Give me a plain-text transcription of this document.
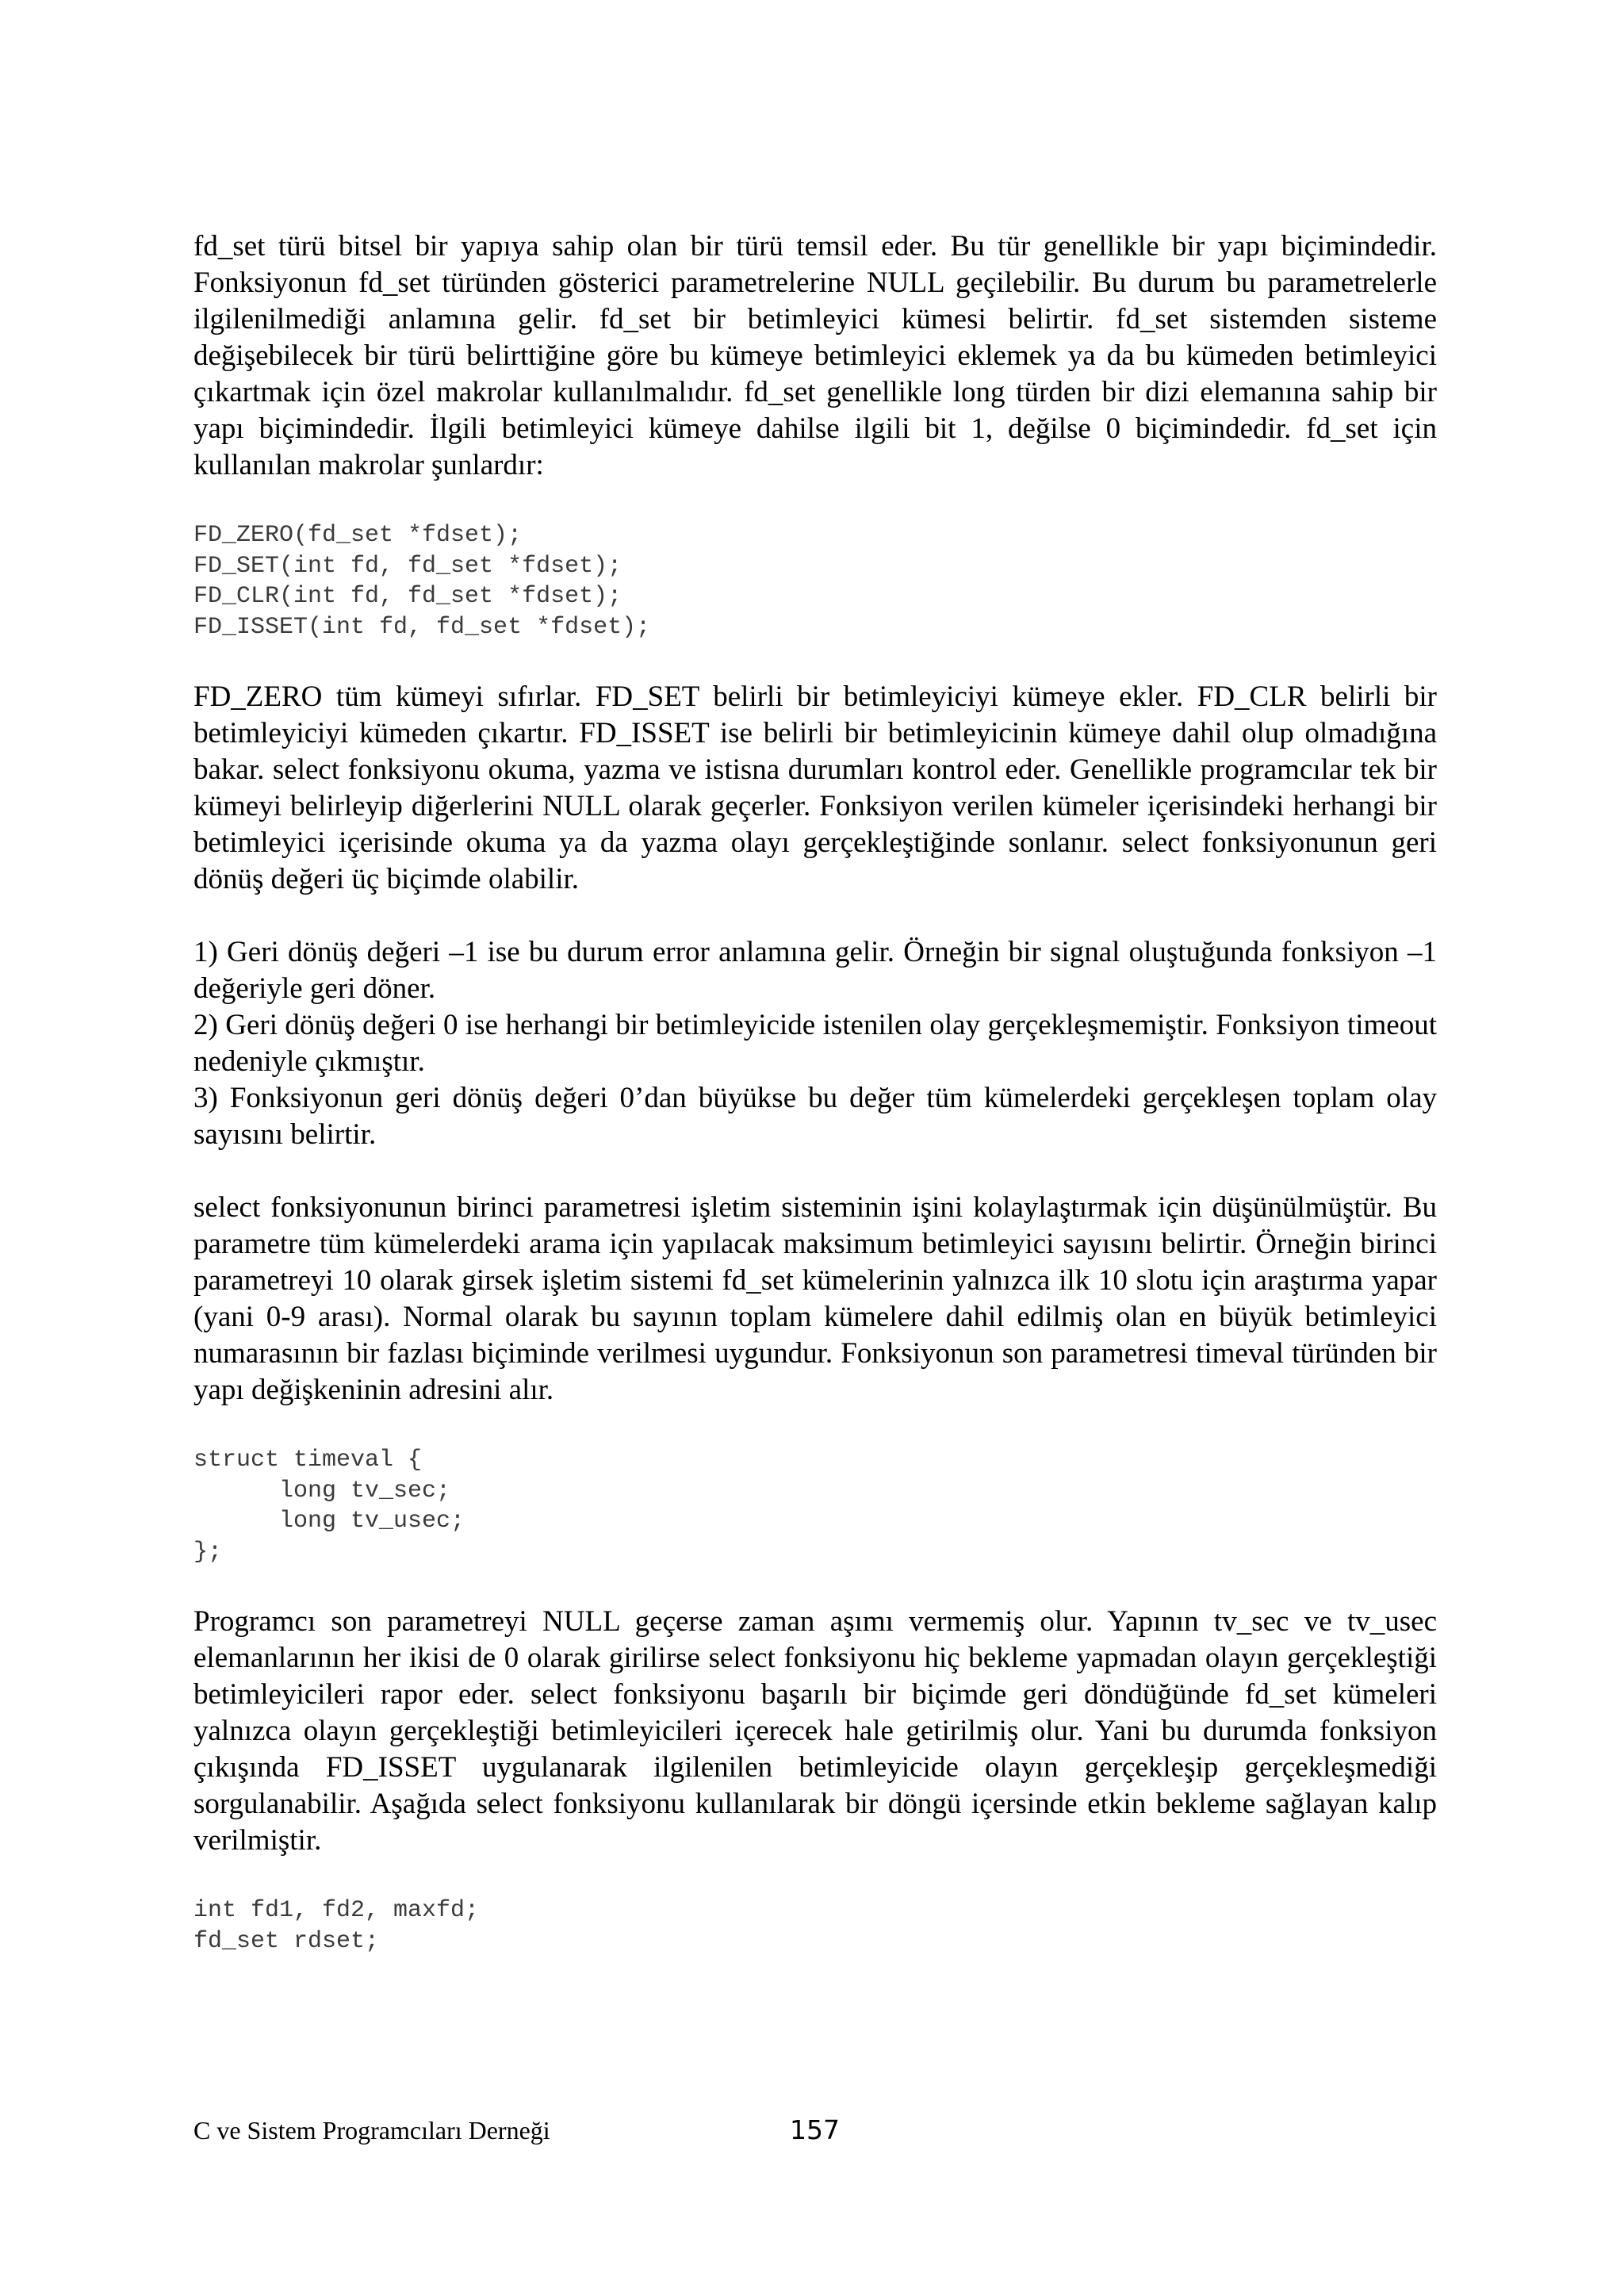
fd_set türü bitsel bir yapıya sahip olan bir türü temsil eder. Bu tür genellikle bir yapı biçimindedir. Fonksiyonun fd_set türünden gösterici parametrelerine NULL geçilebilir. Bu durum bu parametrelerle ilgilenilmediği anlamına gelir. fd_set bir betimleyici kümesi belirtir. fd_set sistemden sisteme değişebilecek bir türü belirttiğine göre bu kümeye betimleyici eklemek ya da bu kümeden betimleyici çıkartmak için özel makrolar kullanılmalıdır. fd_set genellikle long türden bir dizi elemanına sahip bir yapı biçimindedir. İlgili betimleyici kümeye dahilse ilgili bit 1, değilse 0 biçimindedir. fd_set için kullanılan makrolar şunlardır:

FD_ZERO(fd_set *fdset);
FD_SET(int fd, fd_set *fdset);
FD_CLR(int fd, fd_set *fdset);
FD_ISSET(int fd, fd_set *fdset);

FD_ZERO tüm kümeyi sıfırlar. FD_SET belirli bir betimleyiciyi kümeye ekler. FD_CLR belirli bir betimleyiciyi kümeden çıkartır. FD_ISSET ise belirli bir betimleyicinin kümeye dahil olup olmadığına bakar. select fonksiyonu okuma, yazma ve istisna durumları kontrol eder. Genellikle programcılar tek bir kümeyi belirleyip diğerlerini NULL olarak geçerler. Fonksiyon verilen kümeler içerisindeki herhangi bir betimleyici içerisinde okuma ya da yazma olayı gerçekleştiğinde sonlanır. select fonksiyonunun geri dönüş değeri üç biçimde olabilir.

1) Geri dönüş değeri –1 ise bu durum error anlamına gelir. Örneğin bir signal oluştuğunda fonksiyon –1 değeriyle geri döner.

2) Geri dönüş değeri 0 ise herhangi bir betimleyicide istenilen olay gerçekleşmemiştir. Fonksiyon timeout nedeniyle çıkmıştır.

3) Fonksiyonun geri dönüş değeri 0’dan büyükse bu değer tüm kümelerdeki gerçekleşen toplam olay sayısını belirtir.

select fonksiyonunun birinci parametresi işletim sisteminin işini kolaylaştırmak için düşünülmüştür. Bu parametre tüm kümelerdeki arama için yapılacak maksimum betimleyici sayısını belirtir. Örneğin birinci parametreyi 10 olarak girsek işletim sistemi fd_set kümelerinin yalnızca ilk 10 slotu için araştırma yapar (yani 0-9 arası). Normal olarak bu sayının toplam kümelere dahil edilmiş olan en büyük betimleyici numarasının bir fazlası biçiminde verilmesi uygundur. Fonksiyonun son parametresi timeval türünden bir yapı değişkeninin adresini alır.

struct timeval {
long tv_sec;
long tv_usec;
};

Programcı son parametreyi NULL geçerse zaman aşımı vermemiş olur. Yapının tv_sec ve tv_usec elemanlarının her ikisi de 0 olarak girilirse select fonksiyonu hiç bekleme yapmadan olayın gerçekleştiği betimleyicileri rapor eder. select fonksiyonu başarılı bir biçimde geri döndüğünde fd_set kümeleri yalnızca olayın gerçekleştiği betimleyicileri içerecek hale getirilmiş olur. Yani bu durumda fonksiyon çıkışında FD_ISSET uygulanarak ilgilenilen betimleyicide olayın gerçekleşip gerçekleşmediği sorgulanabilir. Aşağıda select fonksiyonu kullanılarak bir döngü içersinde etkin bekleme sağlayan kalıp verilmiştir.

int fd1, fd2, maxfd;
fd_set rdset;
C ve Sistem Programcıları Derneği	157
